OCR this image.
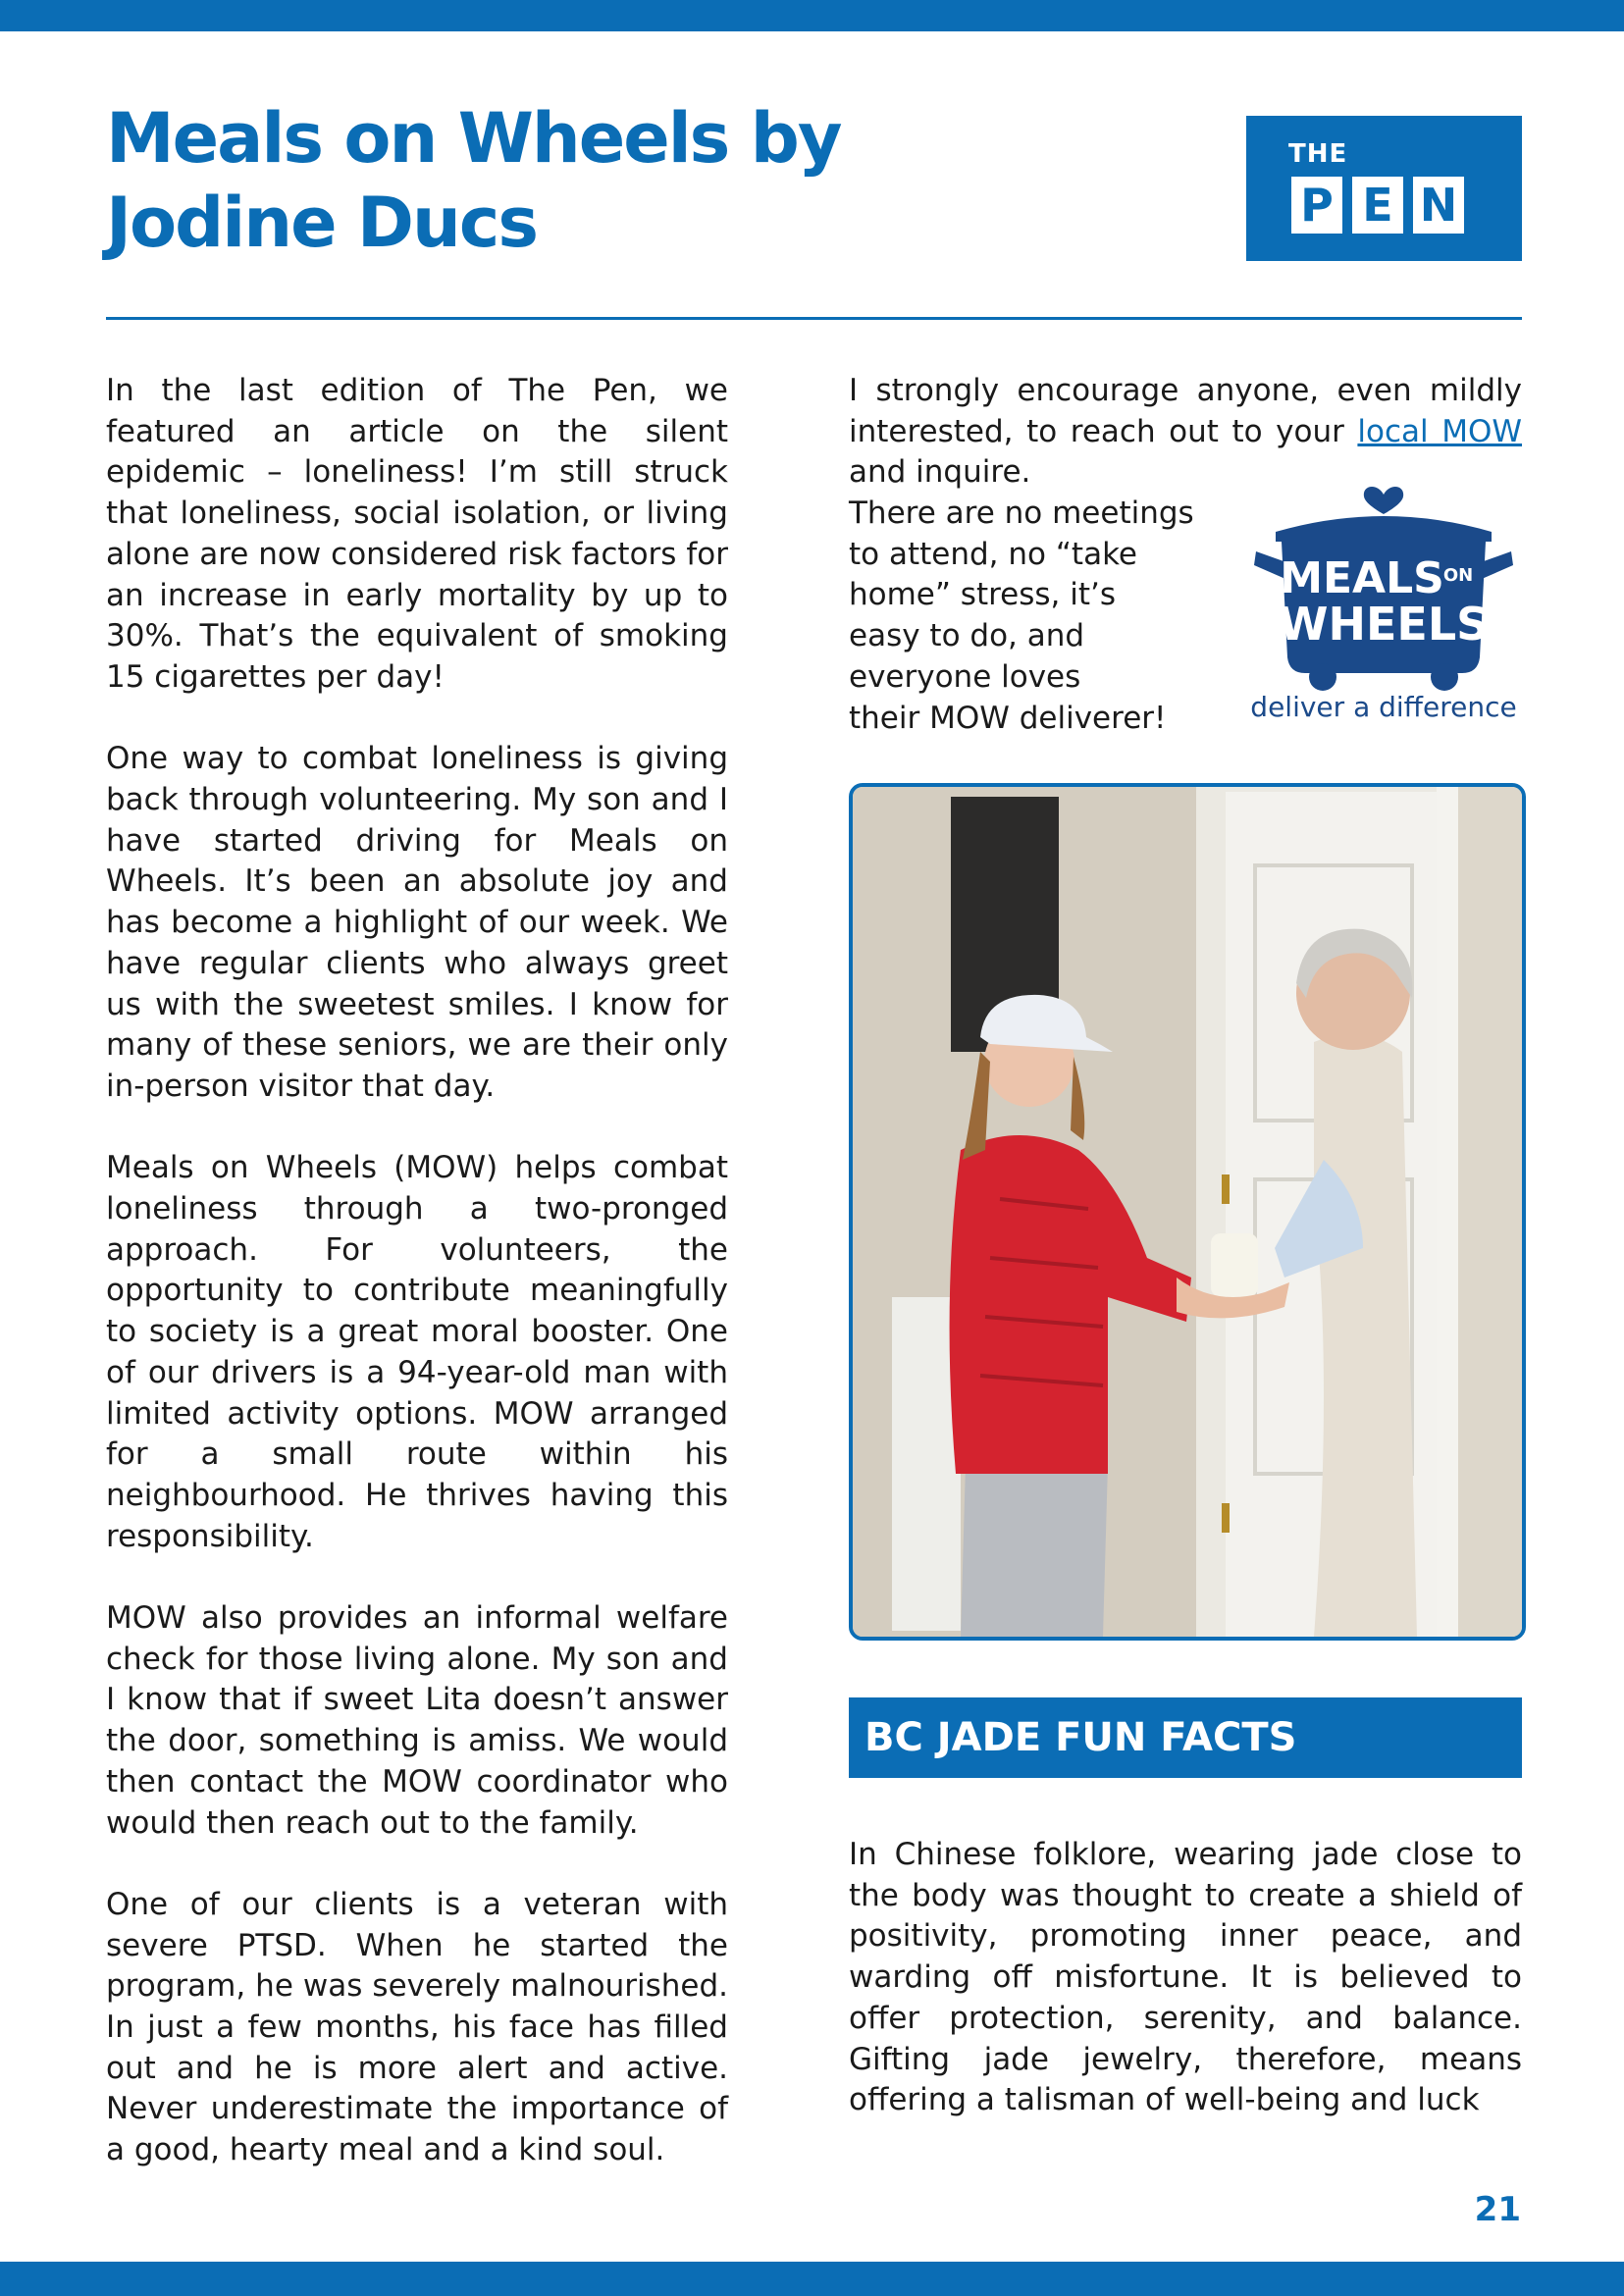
Meals on Wheels by Jodine Ducs
THE
P E N

In the last edition of The Pen, we featured an article on the silent epidemic – loneliness! I’m still struck that loneliness, social isolation, or living alone are now considered risk factors for an increase in early mortality by up to 30%. That’s the equivalent of smoking 15 cigarettes per day!

One way to combat loneliness is giving back through volunteering. My son and I have started driving for Meals on Wheels. It’s been an absolute joy and has become a highlight of our week. We have regular clients who always greet us with the sweetest smiles. I know for many of these seniors, we are their only in-person visitor that day.

Meals on Wheels (MOW) helps combat loneliness through a two-pronged approach. For volunteers, the opportunity to contribute meaningfully to society is a great moral booster. One of our drivers is a 94-year-old man with limited activity options. MOW arranged for a small route within his neighbourhood. He thrives having this responsibility.

MOW also provides an informal welfare check for those living alone. My son and I know that if sweet Lita doesn’t answer the door, something is amiss. We would then contact the MOW coordinator who would then reach out to the family.

One of our clients is a veteran with severe PTSD. When he started the program, he was severely malnourished. In just a few months, his face has filled out and he is more alert and active. Never underestimate the importance of a good, hearty meal and a kind soul.

I strongly encourage anyone, even mildly interested, to reach out to your local MOW and inquire.

There are no meetings
to attend, no “take
home” stress, it’s
easy to do, and
everyone loves
their MOW deliverer!
MEALS ON
WHEELS
deliver a difference
BC JADE FUN FACTS
In Chinese folklore, wearing jade close to the body was thought to create a shield of positivity, promoting inner peace, and warding off misfortune. It is believed to offer protection, serenity, and balance. Gifting jade jewelry, therefore, means offering a talisman of well-being and luck
21
